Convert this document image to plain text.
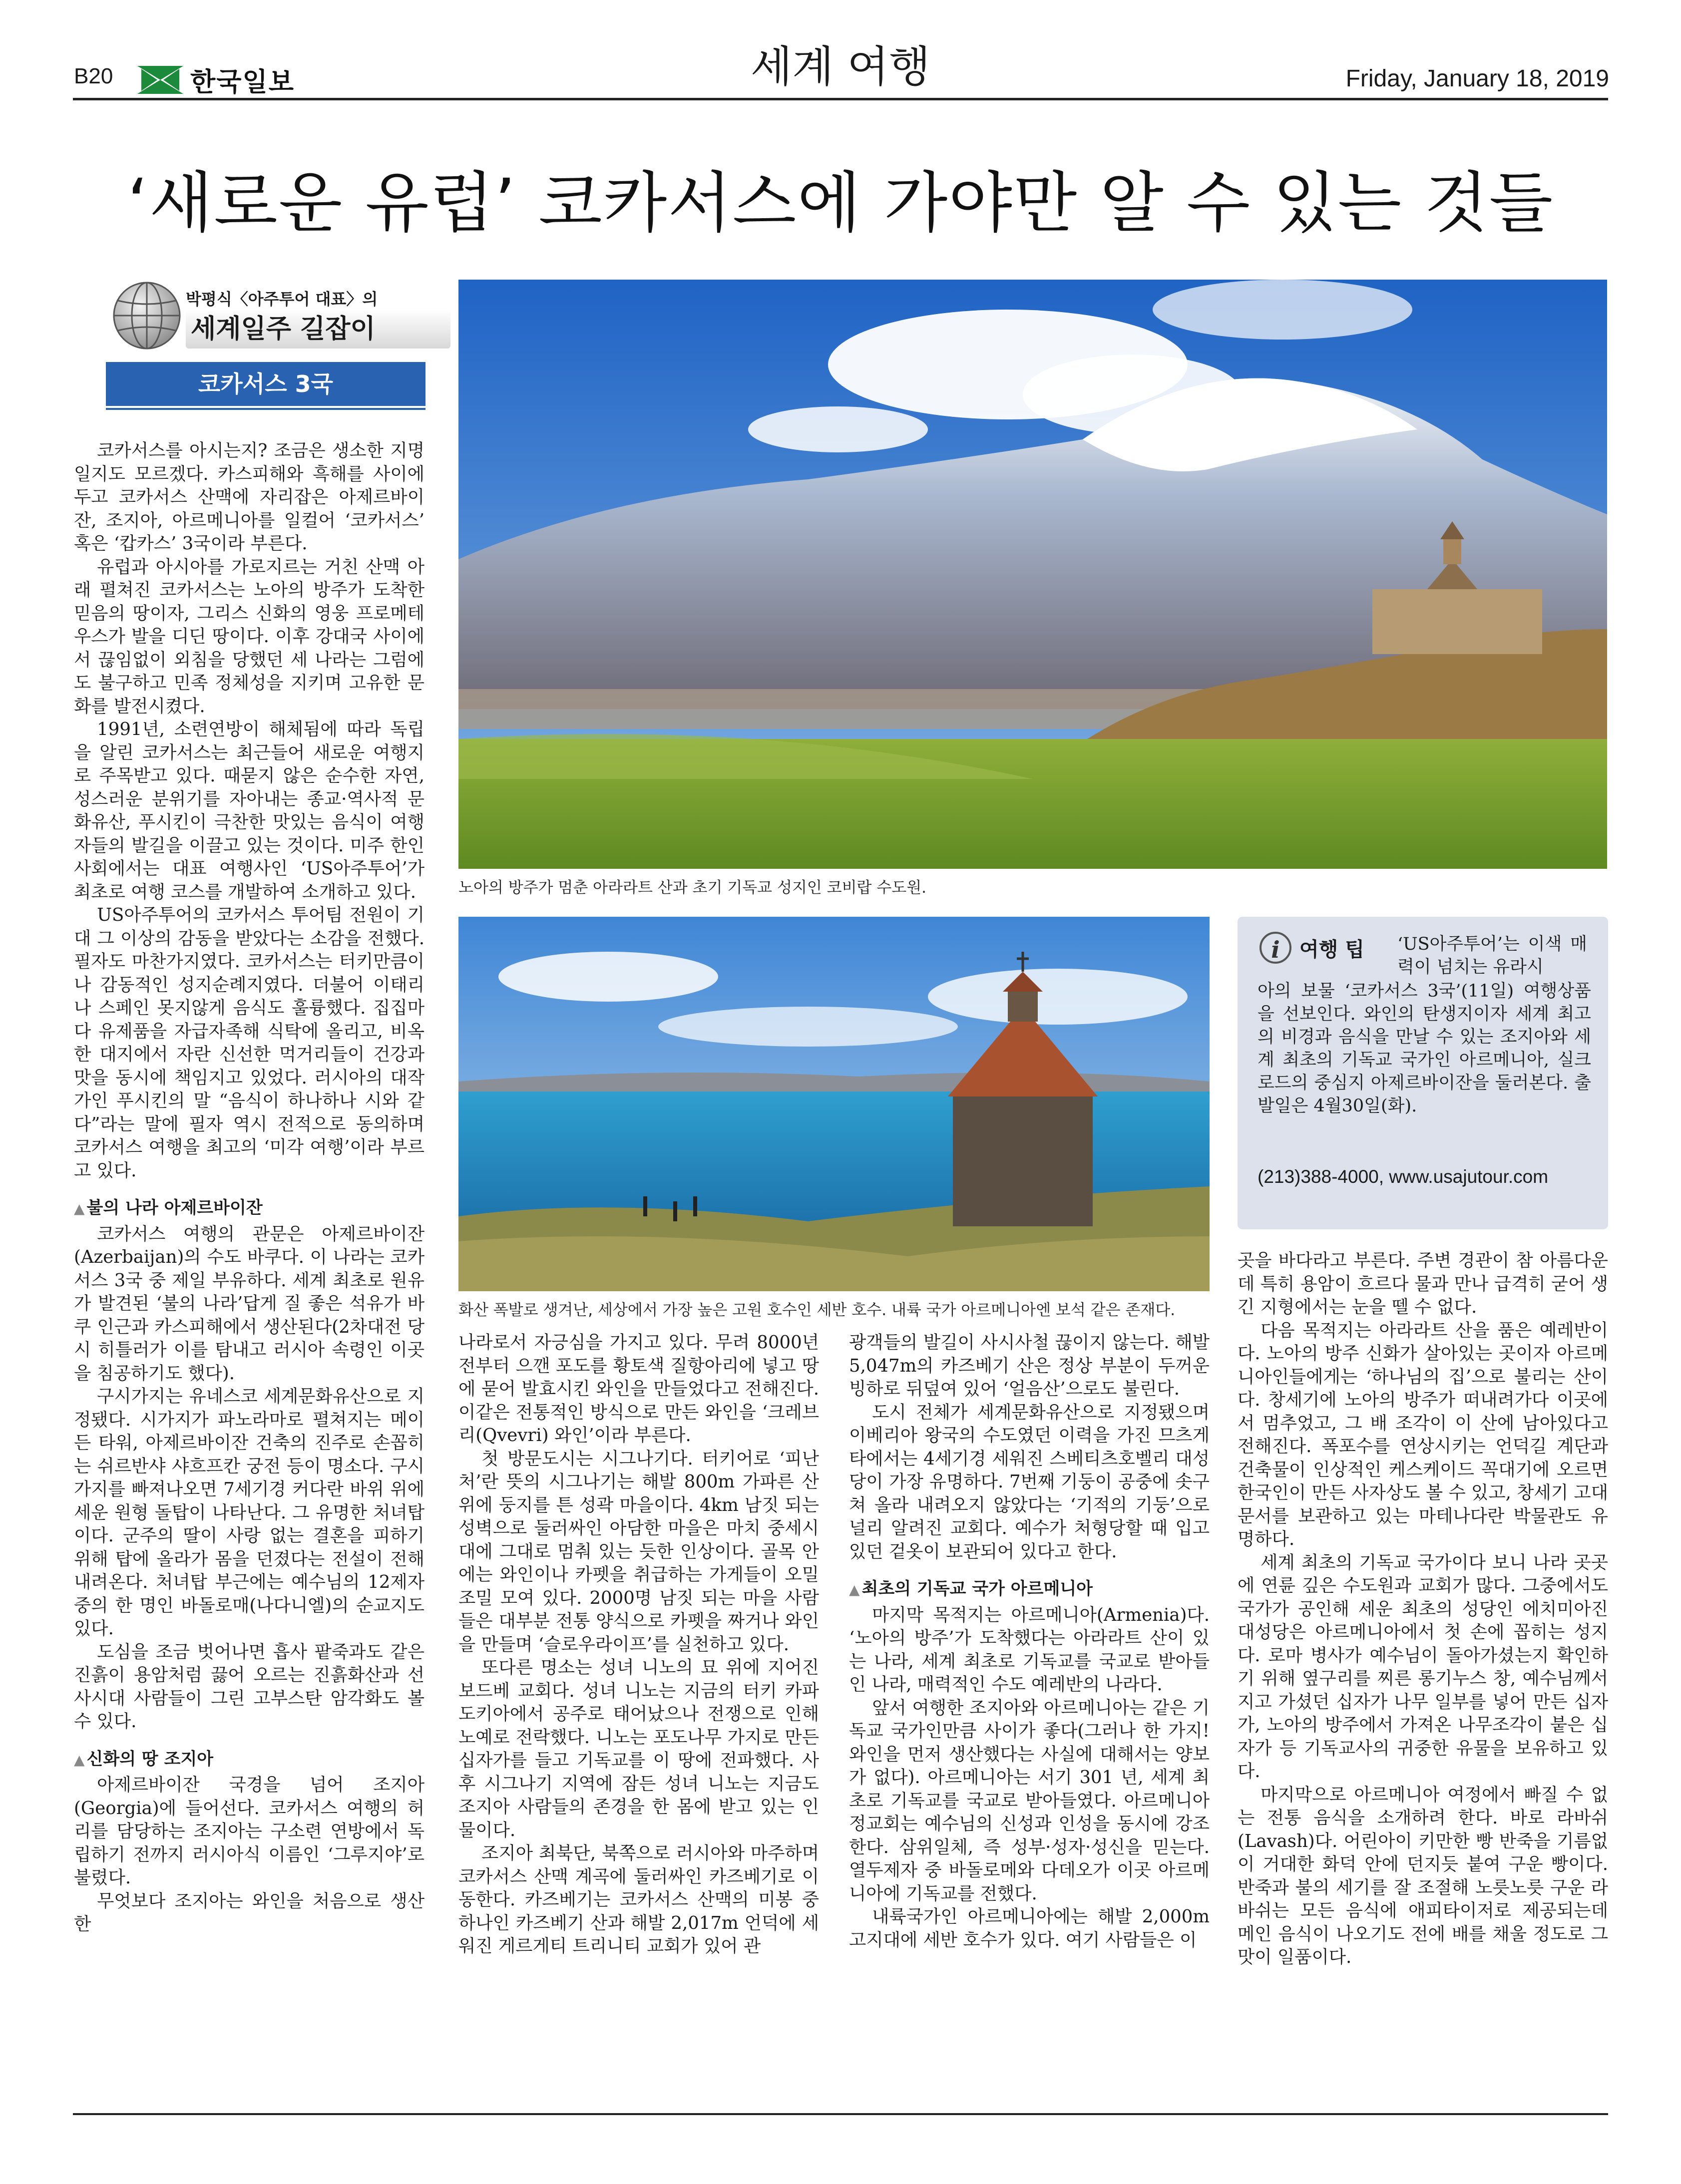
B20	한국일보	세계 여행	Friday, January 18, 2019
‘새로운 유럽’ 코카서스에 가야만 알 수 있는 것들
박평식〈아주투어 대표〉의
세계일주 길잡이
코카서스 3국

코카서스를 아시는지? 조금은 생소한 지명일지도 모르겠다. 카스피해와 흑해를 사이에 두고 코카서스 산맥에 자리잡은 아제르바이잔, 조지아, 아르메니아를 일컬어 ‘코카서스’ 혹은 ‘캅카스’ 3국이라 부른다.

유럽과 아시아를 가로지르는 거친 산맥 아래 펼쳐진 코카서스는 노아의 방주가 도착한 믿음의 땅이자, 그리스 신화의 영웅 프로메테우스가 발을 디딘 땅이다. 이후 강대국 사이에서 끊임없이 외침을 당했던 세 나라는 그럼에도 불구하고 민족 정체성을 지키며 고유한 문화를 발전시켰다.

1991년, 소련연방이 해체됨에 따라 독립을 알린 코카서스는 최근들어 새로운 여행지로 주목받고 있다. 때묻지 않은 순수한 자연, 성스러운 분위기를 자아내는 종교·역사적 문화유산, 푸시킨이 극찬한 맛있는 음식이 여행자들의 발길을 이끌고 있는 것이다. 미주 한인사회에서는 대표 여행사인 ‘US아주투어’가 최초로 여행 코스를 개발하여 소개하고 있다.

US아주투어의 코카서스 투어팀 전원이 기대 그 이상의 감동을 받았다는 소감을 전했다. 필자도 마찬가지였다. 코카서스는 터키만큼이나 감동적인 성지순례지였다. 더불어 이태리나 스페인 못지않게 음식도 훌륭했다. 집집마다 유제품을 자급자족해 식탁에 올리고, 비옥한 대지에서 자란 신선한 먹거리들이 건강과 맛을 동시에 책임지고 있었다. 러시아의 대작가인 푸시킨의 말 “음식이 하나하나 시와 같다”라는 말에 필자 역시 전적으로 동의하며 코카서스 여행을 최고의 ‘미각 여행’이라 부르고 있다.

▲ 불의 나라 아제르바이잔

코카서스 여행의 관문은 아제르바이잔(Azerbaijan)의 수도 바쿠다. 이 나라는 코카서스 3국 중 제일 부유하다. 세계 최초로 원유가 발견된 ‘불의 나라’답게 질 좋은 석유가 바쿠 인근과 카스피해에서 생산된다(2차대전 당시 히틀러가 이를 탐내고 러시아 속령인 이곳을 침공하기도 했다).

구시가지는 유네스코 세계문화유산으로 지정됐다. 시가지가 파노라마로 펼쳐지는 메이든 타워, 아제르바이잔 건축의 진주로 손꼽히는 쉬르반샤 샤흐프칸 궁전 등이 명소다. 구시가지를 빠져나오면 7세기경 커다란 바위 위에 세운 원형 돌탑이 나타난다. 그 유명한 처녀탑이다. 군주의 딸이 사랑 없는 결혼을 피하기 위해 탑에 올라가 몸을 던졌다는 전설이 전해 내려온다. 처녀탑 부근에는 예수님의 12제자 중의 한 명인 바돌로매(나다니엘)의 순교지도 있다.

도심을 조금 벗어나면 흡사 팥죽과도 같은 진흙이 용암처럼 끓어 오르는 진흙화산과 선사시대 사람들이 그린 고부스탄 암각화도 볼 수 있다.

▲ 신화의 땅 조지아

아제르바이잔 국경을 넘어 조지아(Georgia)에 들어선다. 코카서스 여행의 허리를 담당하는 조지아는 구소련 연방에서 독립하기 전까지 러시아식 이름인 ‘그루지야’로 불렸다.

무엇보다 조지아는 와인을 처음으로 생산한

노아의 방주가 멈춘 아라라트 산과 초기 기독교 성지인 코비랍 수도원.
화산 폭발로 생겨난, 세상에서 가장 높은 고원 호수인 세반 호수. 내륙 국가 아르메니아엔 보석 같은 존재다.
i 여행 팁 ‘US아주투어’는 이색 매력이 넘치는 유라시
아의 보물 ‘코카서스 3국’(11일) 여행상품을 선보인다. 와인의 탄생지이자 세계 최고의 비경과 음식을 만날 수 있는 조지아와 세계 최초의 기독교 국가인 아르메니아, 실크로드의 중심지 아제르바이잔을 둘러본다. 출발일은 4월30일(화).
(213)388-4000, www.usajutour.com

나라로서 자긍심을 가지고 있다. 무려 8000년 전부터 으깬 포도를 황토색 질항아리에 넣고 땅에 묻어 발효시킨 와인을 만들었다고 전해진다. 이같은 전통적인 방식으로 만든 와인을 ‘크레브리(Qvevri) 와인’이라 부른다.

첫 방문도시는 시그나기다. 터키어로 ‘피난처’란 뜻의 시그나기는 해발 800m 가파른 산 위에 둥지를 튼 성곽 마을이다. 4km 남짓 되는 성벽으로 둘러싸인 아담한 마을은 마치 중세시대에 그대로 멈춰 있는 듯한 인상이다. 골목 안에는 와인이나 카펫을 취급하는 가게들이 오밀조밀 모여 있다. 2000명 남짓 되는 마을 사람들은 대부분 전통 양식으로 카펫을 짜거나 와인을 만들며 ‘슬로우라이프’를 실천하고 있다.

또다른 명소는 성녀 니노의 묘 위에 지어진 보드베 교회다. 성녀 니노는 지금의 터키 카파도키아에서 공주로 태어났으나 전쟁으로 인해 노예로 전락했다. 니노는 포도나무 가지로 만든 십자가를 들고 기독교를 이 땅에 전파했다. 사후 시그나기 지역에 잠든 성녀 니노는 지금도 조지아 사람들의 존경을 한 몸에 받고 있는 인물이다.

조지아 최북단, 북쪽으로 러시아와 마주하며 코카서스 산맥 계곡에 둘러싸인 카즈베기로 이동한다. 카즈베기는 코카서스 산맥의 미봉 중 하나인 카즈베기 산과 해발 2,017m 언덕에 세워진 게르게티 트리니티 교회가 있어 관

광객들의 발길이 사시사철 끊이지 않는다. 해발 5,047m의 카즈베기 산은 정상 부분이 두꺼운 빙하로 뒤덮여 있어 ‘얼음산’으로도 불린다.

도시 전체가 세계문화유산으로 지정됐으며 이베리아 왕국의 수도였던 이력을 가진 므츠게타에서는 4세기경 세워진 스베티츠호벨리 대성당이 가장 유명하다. 7번째 기둥이 공중에 솟구쳐 올라 내려오지 않았다는 ‘기적의 기둥’으로 널리 알려진 교회다. 예수가 처형당할 때 입고 있던 겉옷이 보관되어 있다고 한다.

▲ 최초의 기독교 국가 아르메니아

마지막 목적지는 아르메니아(Armenia)다. ‘노아의 방주’가 도착했다는 아라라트 산이 있는 나라, 세계 최초로 기독교를 국교로 받아들인 나라, 매력적인 수도 예레반의 나라다.

앞서 여행한 조지아와 아르메니아는 같은 기독교 국가인만큼 사이가 좋다(그러나 한 가지! 와인을 먼저 생산했다는 사실에 대해서는 양보가 없다). 아르메니아는 서기 301 년, 세계 최초로 기독교를 국교로 받아들였다. 아르메니아 정교회는 예수님의 신성과 인성을 동시에 강조한다. 삼위일체, 즉 성부·성자·성신을 믿는다. 열두제자 중 바돌로메와 다데오가 이곳 아르메니아에 기독교를 전했다.

내륙국가인 아르메니아에는 해발 2,000m 고지대에 세반 호수가 있다. 여기 사람들은 이

곳을 바다라고 부른다. 주변 경관이 참 아름다운데 특히 용암이 흐르다 물과 만나 급격히 굳어 생긴 지형에서는 눈을 뗄 수 없다.

다음 목적지는 아라라트 산을 품은 예레반이다. 노아의 방주 신화가 살아있는 곳이자 아르메니아인들에게는 ‘하나님의 집’으로 불리는 산이다. 창세기에 노아의 방주가 떠내려가다 이곳에서 멈추었고, 그 배 조각이 이 산에 남아있다고 전해진다. 폭포수를 연상시키는 언덕길 계단과 건축물이 인상적인 케스케이드 꼭대기에 오르면 한국인이 만든 사자상도 볼 수 있고, 창세기 고대문서를 보관하고 있는 마테나다란 박물관도 유명하다.

세계 최초의 기독교 국가이다 보니 나라 곳곳에 연륜 깊은 수도원과 교회가 많다. 그중에서도 국가가 공인해 세운 최초의 성당인 에치미아진 대성당은 아르메니아에서 첫 손에 꼽히는 성지다. 로마 병사가 예수님이 돌아가셨는지 확인하기 위해 옆구리를 찌른 롱기누스 창, 예수님께서 지고 가셨던 십자가 나무 일부를 넣어 만든 십자가, 노아의 방주에서 가져온 나무조각이 붙은 십자가 등 기독교사의 귀중한 유물을 보유하고 있다.

마지막으로 아르메니아 여정에서 빠질 수 없는 전통 음식을 소개하려 한다. 바로 라바쉬(Lavash)다. 어린아이 키만한 빵 반죽을 기름없이 거대한 화덕 안에 던지듯 붙여 구운 빵이다. 반죽과 불의 세기를 잘 조절해 노릇노릇 구운 라바쉬는 모든 음식에 애피타이저로 제공되는데 메인 음식이 나오기도 전에 배를 채울 정도로 그 맛이 일품이다.
